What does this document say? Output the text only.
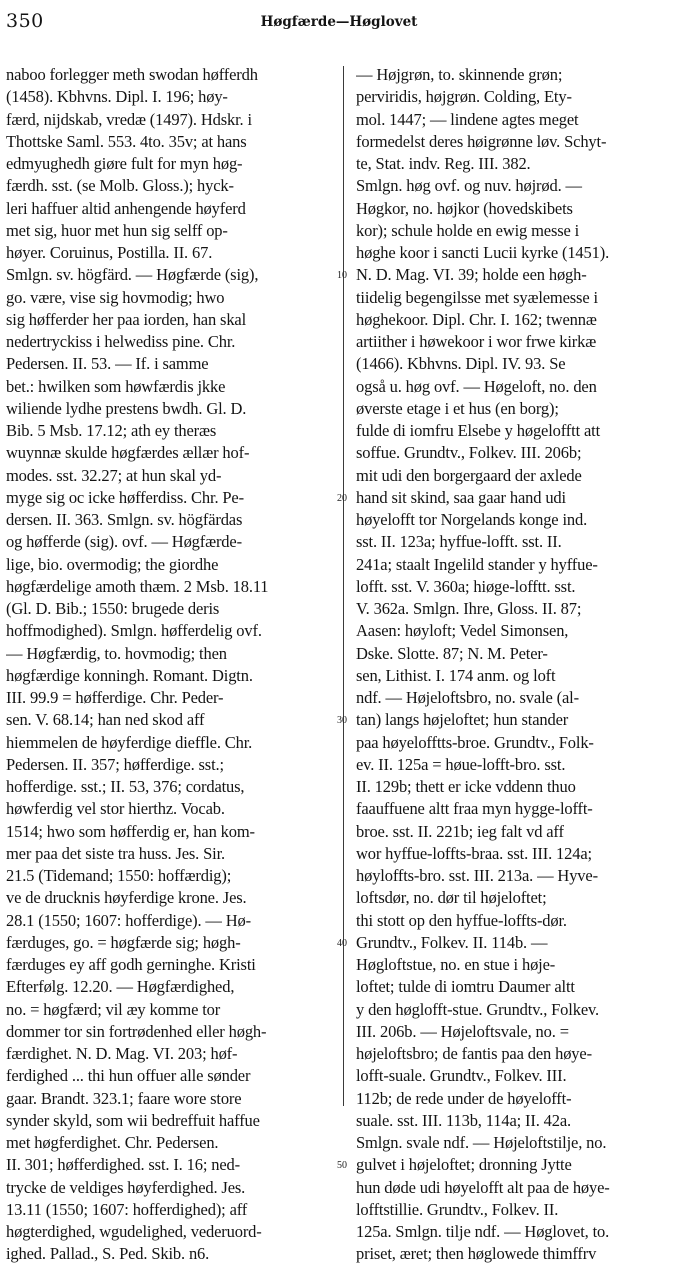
350	Høgfærde—Høglovet
naboo forlegger meth swodan høfferdh
(1458). Kbhvns. Dipl. I. 196; høy-
færd, nijdskab, vredæ (1497). Hdskr. i
Thottske Saml. 553. 4to. 35v; at hans
edmyughedh giøre fult for myn høg-
færdh. sst. (se Molb. Gloss.); hyck-
leri haffuer altid anhengende høyferd
met sig, huor met hun sig selff op-
høyer. Coruinus, Postilla. II. 67.
Smlgn. sv. högfärd. — Høgfærde (sig),
go. være, vise sig hovmodig; hwo
sig høfferder her paa iorden, han skal
nedertryckiss i helwediss pine. Chr.
Pedersen. II. 53. — If. i samme
bet.: hwilken som høwfærdis jkke
wiliende lydhe prestens bwdh. Gl. D.
Bib. 5 Msb. 17.12; ath ey theræs
wuynnæ skulde høgfærdes ællær hof-
modes. sst. 32.27; at hun skal yd-
myge sig oc icke høfferdiss. Chr. Pe-
dersen. II. 363. Smlgn. sv. högfärdas
og høfferde (sig). ovf. — Høgfærde-
lige, bio. overmodig; the giordhe
høgfærdelige amoth thæm. 2 Msb. 18.11
(Gl. D. Bib.; 1550: brugede deris
hoffmodighed). Smlgn. høfferdelig ovf.
— Høgfærdig, to. hovmodig; then
høgfærdige konningh. Romant. Digtn.
III. 99.9 = høfferdige. Chr. Peder-
sen. V. 68.14; han ned skod aff
hiemmelen de høyferdige dieffle. Chr.
Pedersen. II. 357; høfferdige. sst.;
hofferdige. sst.; II. 53, 376; cordatus,
høwferdig vel stor hierthz. Vocab.
1514; hwo som høfferdig er, han kom-
mer paa det siste tra huss. Jes. Sir.
21.5 (Tidemand; 1550: hoffærdig);
ve de drucknis høyferdige krone. Jes.
28.1 (1550; 1607: hofferdige). — Hø-
færduges, go. = høgfærde sig; høgh-
færduges ey aff godh gerninghe. Kristi
Efterfølg. 12.20. — Høgfærdighed,
no. = høgfærd; vil æy komme tor
dommer tor sin fortrødenhed eller høgh-
færdighet. N. D. Mag. VI. 203; høf-
ferdighed ... thi hun offuer alle sønder
gaar. Brandt. 323.1; faare wore store
synder skyld, som wii bedreffuit haffue
met høgferdighet. Chr. Pedersen.
II. 301; høfferdighed. sst. I. 16; ned-
trycke de veldiges høyferdighed. Jes.
13.11 (1550; 1607: hofferdighed); aff
høgterdighed, wgudelighed, vederuord-
ighed. Pallad., S. Ped. Skib. n6.
— Højgrøn, to. skinnende grøn;
perviridis, højgrøn. Colding, Ety-
mol. 1447; — lindene agtes meget
formedelst deres høigrønne løv. Schyt-
te, Stat. indv. Reg. III. 382.
Smlgn. høg ovf. og nuv. højrød. —
Høgkor, no. højkor (hovedskibets
kor); schule holde en ewig messe i
høghe koor i sancti Lucii kyrke (1451).
N. D. Mag. VI. 39; holde een høgh-
tiidelig begengilsse met syælemesse i
høghekoor. Dipl. Chr. I. 162; twennæ
artiither i høwekoor i wor frwe kirkæ
(1466). Kbhvns. Dipl. IV. 93. Se
også u. høg ovf. — Høgeloft, no. den
øverste etage i et hus (en borg);
fulde di iomfru Elsebe y høgelofftt att
soffue. Grundtv., Folkev. III. 206b;
mit udi den borgergaard der axlede
hand sit skind, saa gaar hand udi
høyelofft tor Norgelands konge ind.
sst. II. 123a; hyffue-lofft. sst. II.
241a; staalt Ingelild stander y hyffue-
lofft. sst. V. 360a; hiøge-lofftt. sst.
V. 362a. Smlgn. Ihre, Gloss. II. 87;
Aasen: høyloft; Vedel Simonsen,
Dske. Slotte. 87; N. M. Peter-
sen, Lithist. I. 174 anm. og loft
ndf. — Højeloftsbro, no. svale (al-
tan) langs højeloftet; hun stander
paa høyelofftts-broe. Grundtv., Folk-
ev. II. 125a = høue-lofft-bro. sst.
II. 129b; thett er icke vddenn thuo
faauffuene altt fraa myn hygge-lofft-
broe. sst. II. 221b; ieg falt vd aff
wor hyffue-loffts-braa. sst. III. 124a;
høyloffts-bro. sst. III. 213a. — Hyve-
loftsdør, no. dør til højeloftet;
thi stott op den hyffue-loffts-dør.
Grundtv., Folkev. II. 114b. —
Høgloftstue, no. en stue i høje-
loftet; tulde di iomtru Daumer altt
y den høglofft-stue. Grundtv., Folkev.
III. 206b. — Højeloftsvale, no. =
højeloftsbro; de fantis paa den høye-
lofft-suale. Grundtv., Folkev. III.
112b; de rede under de høyelofft-
suale. sst. III. 113b, 114a; II. 42a.
Smlgn. svale ndf. — Højeloftstilje, no.
gulvet i højeloftet; dronning Jytte
hun døde udi høyelofft alt paa de høye-
lofftstillie. Grundtv., Folkev. II.
125a. Smlgn. tilje ndf. — Høglovet, to.
priset, æret; then høglowede thimffrv
10
20
30
40
50
